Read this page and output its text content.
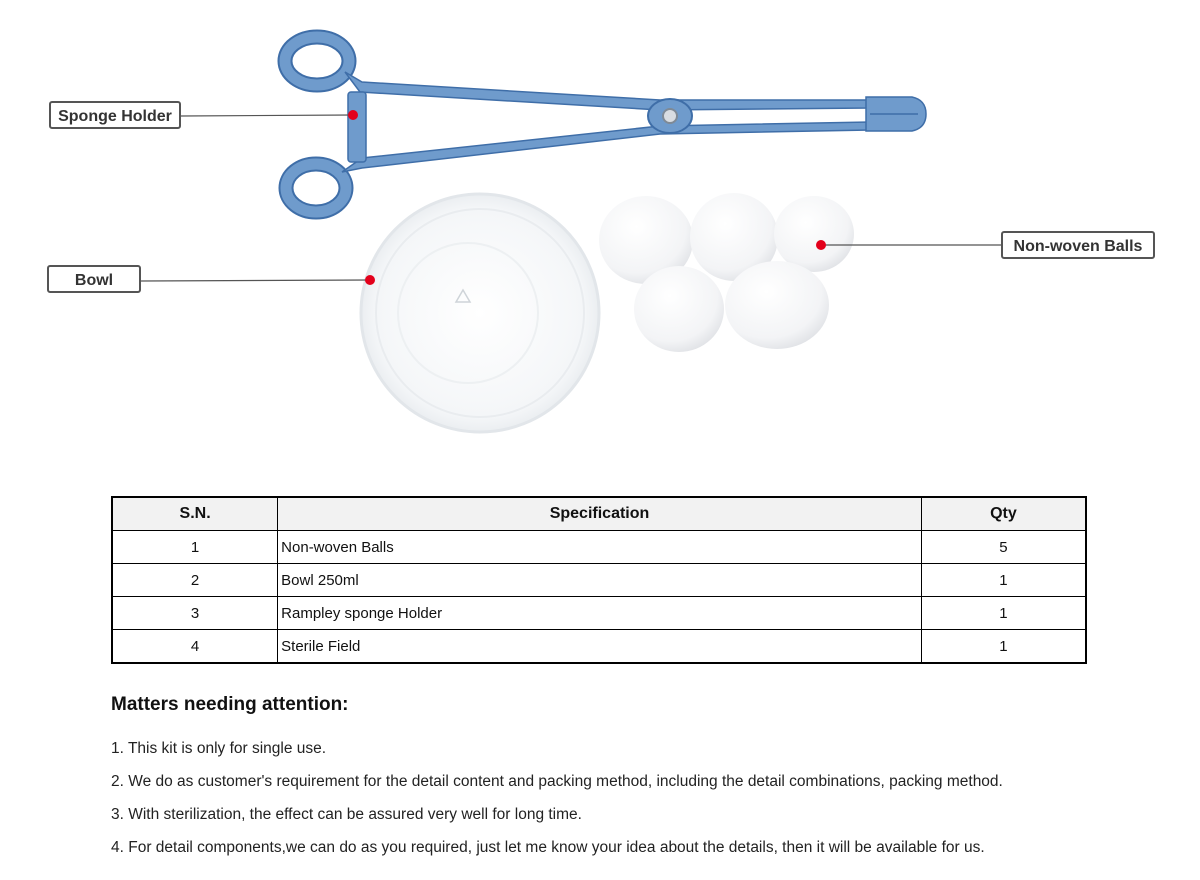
Sponge Holder
Bowl
Non-woven Balls
S.N.	Specification	Qty
1	Non-woven Balls	5
2	Bowl 250ml	1
3	Rampley sponge Holder	1
4	Sterile Field	1
Matters needing attention:
1. This kit is only for single use.
2. We do as customer's requirement for the detail content and packing method, including the detail combinations, packing method.
3. With sterilization, the effect can be assured very well for long time.
4. For detail components,we can do as you required, just let me know your idea about the details, then it will be available for us.
